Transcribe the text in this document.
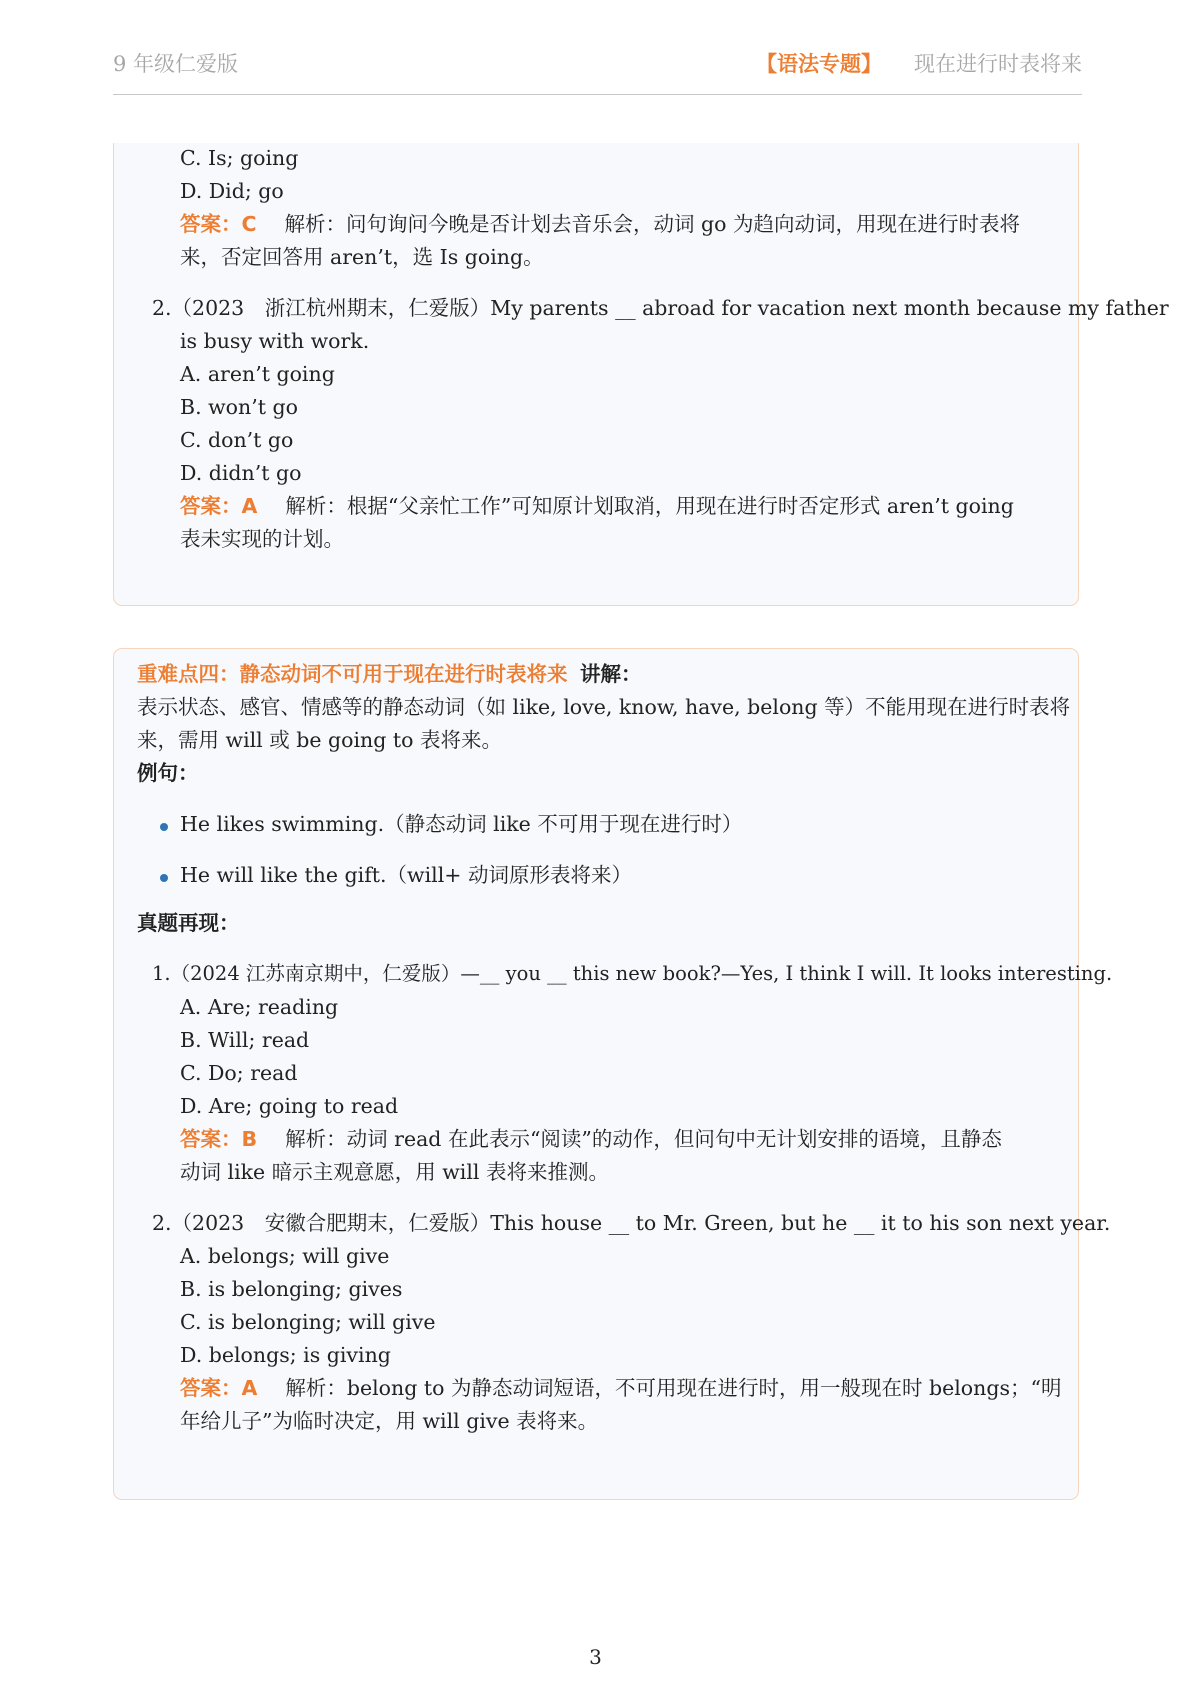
9 年级仁爱版	【语法专题】 现在进行时表将来
C. Is; going
D. Did; go
答案：C 解析：问句询问今晚是否计划去音乐会，动词 go 为趋向动词，用现在进行时表将
来，否定回答用 aren’t，选 Is going。
2.（2023　浙江杭州期末，仁爱版）My parents __ abroad for vacation next month because my father
is busy with work.
A. aren’t going
B. won’t go
C. don’t go
D. didn’t go
答案：A 解析：根据“父亲忙工作”可知原计划取消，用现在进行时否定形式 aren’t going
表未实现的计划。
重难点四：静态动词不可用于现在进行时表将来 讲解：
表示状态、感官、情感等的静态动词（如 like, love, know, have, belong 等）不能用现在进行时表将
来，需用 will 或 be going to 表将来。
例句：
He likes swimming.（静态动词 like 不可用于现在进行时）
He will like the gift.（will+ 动词原形表将来）
真题再现：
1.（2024 江苏南京期中，仁爱版）—__ you __ this new book?—Yes, I think I will. It looks interesting.
A. Are; reading
B. Will; read
C. Do; read
D. Are; going to read
答案：B 解析：动词 read 在此表示“阅读”的动作，但问句中无计划安排的语境，且静态
动词 like 暗示主观意愿，用 will 表将来推测。
2.（2023　安徽合肥期末，仁爱版）This house __ to Mr. Green, but he __ it to his son next year.
A. belongs; will give
B. is belonging; gives
C. is belonging; will give
D. belongs; is giving
答案：A 解析：belong to 为静态动词短语，不可用现在进行时，用一般现在时 belongs；“明
年给儿子”为临时决定，用 will give 表将来。
3
